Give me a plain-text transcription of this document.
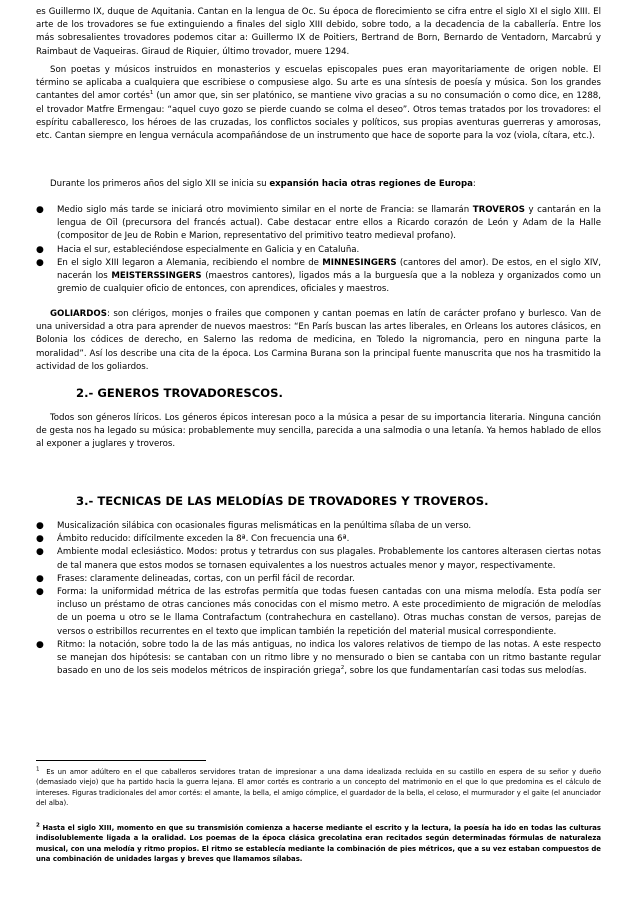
es Guillermo IX, duque de Aquitania. Cantan en la lengua de Oc. Su época de florecimiento se cifra entre el siglo XI el siglo XIII. El arte de los trovadores se fue extinguiendo a finales del siglo XIII debido, sobre todo, a la decadencia de la caballería. Entre los más sobresalientes trovadores podemos citar a: Guillermo IX de Poitiers, Bertrand de Born, Bernardo de Ventadorn, Marcabrú y Raimbaut de Vaqueiras. Giraud de Riquier, último trovador, muere 1294.
Son poetas y músicos instruidos en monasterios y escuelas episcopales pues eran mayoritariamente de origen noble. El término se aplicaba a cualquiera que escribiese o compusiese algo. Su arte es una síntesis de poesía y música. Son los grandes cantantes del amor cortés$^1$ (un amor que, sin ser platónico, se mantiene vivo gracias a su no consumación o como dice, en 1288, el trovador Matfre Ermengau: “aquel cuyo gozo se pierde cuando se colma el deseo”. Otros temas tratados por los trovadores: el espíritu caballeresco, los héroes de las cruzadas, los conflictos sociales y políticos, sus propias aventuras guerreras y amorosas, etc. Cantan siempre en lengua vernácula acompañándose de un instrumento que hace de soporte para la voz (viola, cítara, etc.).
Durante los primeros años del siglo XII se inicia su expansión hacia otras regiones de Europa:
● Medio siglo más tarde se iniciará otro movimiento similar en el norte de Francia: se llamarán TROVEROS y cantarán en la lengua de Oïl (precursora del francés actual). Cabe destacar entre ellos a Ricardo corazón de León y Adam de la Halle (compositor de Jeu de Robin e Marion, representativo del primitivo teatro medieval profano).
● Hacia el sur, estableciéndose especialmente en Galicia y en Cataluña.
● En el siglo XIII legaron a Alemania, recibiendo el nombre de MINNESINGERS (cantores del amor). De estos, en el siglo XIV, nacerán los MEISTERSSINGERS (maestros cantores), ligados más a la burguesía que a la nobleza y organizados como un gremio de cualquier oficio de entonces, con aprendices, oficiales y maestros.
GOLIARDOS: son clérigos, monjes o frailes que componen y cantan poemas en latín de carácter profano y burlesco. Van de una universidad a otra para aprender de nuevos maestros: “En París buscan las artes liberales, en Orleans los autores clásicos, en Bolonia los códices de derecho, en Salerno las redoma de medicina, en Toledo la nigromancia, pero en ninguna parte la moralidad”. Así los describe una cita de la época. Los Carmina Burana son la principal fuente manuscrita que nos ha trasmitido la actividad de los goliardos.
2.- GENEROS TROVADORESCOS.
Todos son géneros líricos. Los géneros épicos interesan poco a la música a pesar de su importancia literaria. Ninguna canción de gesta nos ha legado su música: probablemente muy sencilla, parecida a una salmodia o una letanía. Ya hemos hablado de ellos al exponer a juglares y troveros.
3.- TECNICAS DE LAS MELODÍAS DE TROVADORES Y TROVEROS.
● Musicalización silábica con ocasionales figuras melismáticas en la penúltima sílaba de un verso.
● Ámbito reducido: difícilmente exceden la 8ª. Con frecuencia una 6ª.
● Ambiente modal eclesiástico. Modos: protus y tetrardus con sus plagales. Probablemente los cantores alterasen ciertas notas de tal manera que estos modos se tornasen equivalentes a los nuestros actuales menor y mayor, respectivamente.
● Frases: claramente delineadas, cortas, con un perfil fácil de recordar.
● Forma: la uniformidad métrica de las estrofas permitía que todas fuesen cantadas con una misma melodía. Esta podía ser incluso un préstamo de otras canciones más conocidas con el mismo metro. A este procedimiento de migración de melodías de un poema u otro se le llama Contrafactum (contrahechura en castellano). Otras muchas constan de versos, parejas de versos o estribillos recurrentes en el texto que implican también la repetición del material musical correspondiente.
● Ritmo: la notación, sobre todo la de las más antiguas, no indica los valores relativos de tiempo de las notas. A este respecto se manejan dos hipótesis: se cantaban con un ritmo libre y no mensurado o bien se cantaba con un ritmo bastante regular basado en uno de los seis modelos métricos de inspiración griega$^2$, sobre los que fundamentarían casi todas sus melodías.
$^1$ Es un amor adúltero en el que caballeros servidores tratan de impresionar a una dama idealizada recluida en su castillo en espera de su señor y dueño (demasiado viejo) que ha partido hacia la guerra lejana. El amor cortés es contrario a un concepto del matrimonio en el que lo que predomina es el cálculo de intereses. Figuras tradicionales del amor cortés: el amante, la bella, el amigo cómplice, el guardador de la bella, el celoso, el murmurador y el gaite (el anunciador del alba).
$^2$ Hasta el siglo XIII, momento en que su transmisión comienza a hacerse mediante el escrito y la lectura, la poesía ha ido en todas las culturas indisolublemente ligada a la oralidad. Los poemas de la época clásica grecolatina eran recitados según determinadas fórmulas de naturaleza musical, con una melodía y ritmo propios. El ritmo se establecía mediante la combinación de pies métricos, que a su vez estaban compuestos de una combinación de unidades largas y breves que llamamos sílabas.
